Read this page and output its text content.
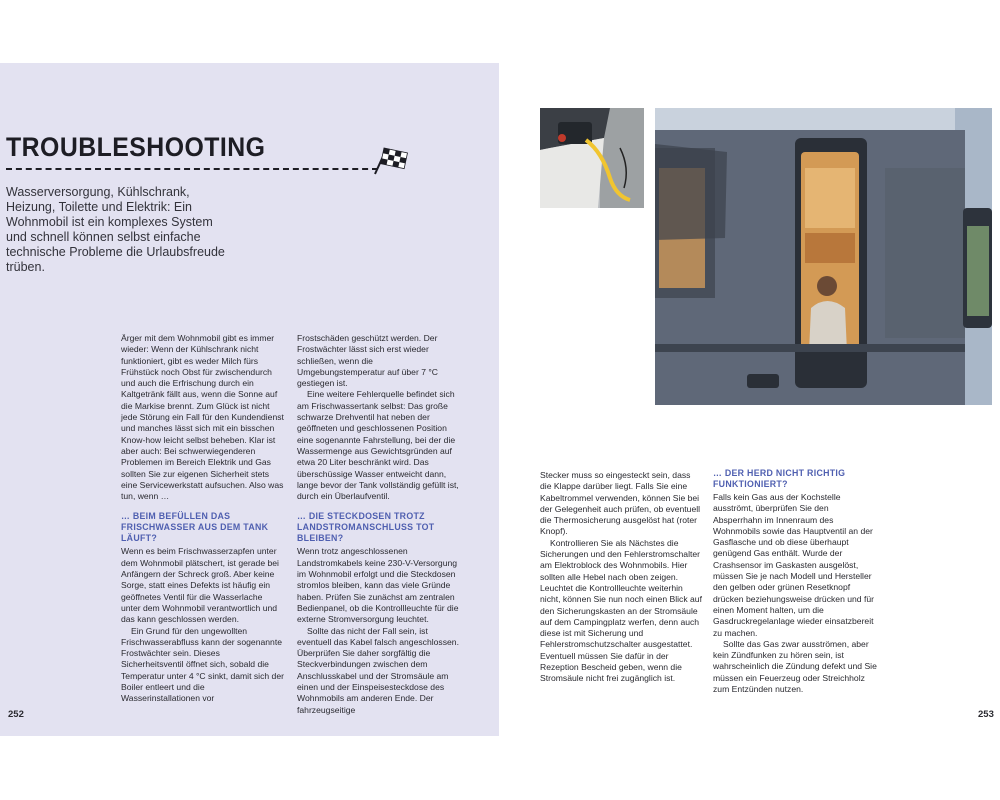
TROUBLESHOOTING

Wasserversorgung, Kühlschrank, Heizung, Toilette und Elektrik: Ein Wohnmobil ist ein komplexes System und schnell können selbst einfache technische Probleme die Urlaubsfreude trüben.

Ärger mit dem Wohnmobil gibt es immer wieder: Wenn der Kühlschrank nicht funktioniert, gibt es weder Milch fürs Frühstück noch Obst für zwischendurch und auch die Erfrischung durch ein Kaltgetränk fällt aus, wenn die Sonne auf die Markise brennt. Zum Glück ist nicht jede Störung ein Fall für den Kundendienst und manches lässt sich mit ein bisschen Know-how leicht selbst beheben. Klar ist aber auch: Bei schwerwiegenderen Problemen im Bereich Elektrik und Gas sollten Sie zur eigenen Sicherheit stets eine Servicewerkstatt aufsuchen. Also was tun, wenn …

… BEIM BEFÜLLEN DAS FRISCHWASSER AUS DEM TANK LÄUFT?

Wenn es beim Frischwasserzapfen unter dem Wohnmobil plätschert, ist gerade bei Anfängern der Schreck groß. Aber keine Sorge, statt eines Defekts ist häufig ein geöffnetes Ventil für die Wasserlache unter dem Wohnmobil verantwortlich und das kann geschlossen werden.

Ein Grund für den ungewollten Frischwasserabfluss kann der sogenannte Frostwächter sein. Dieses Sicherheitsventil öffnet sich, sobald die Temperatur unter 4 °C sinkt, damit sich der Boiler entleert und die Wasserinstallationen vor

Frostschäden geschützt werden. Der Frostwächter lässt sich erst wieder schließen, wenn die Umgebungstemperatur auf über 7 °C gestiegen ist.

Eine weitere Fehlerquelle befindet sich am Frischwassertank selbst: Das große schwarze Drehventil hat neben der geöffneten und geschlossenen Position eine sogenannte Fahrstellung, bei der die Wassermenge aus Gewichtsgründen auf etwa 20 Liter beschränkt wird. Das überschüssige Wasser entweicht dann, lange bevor der Tank vollständig gefüllt ist, durch ein Überlaufventil.

… DIE STECKDOSEN TROTZ LANDSTROMANSCHLUSS TOT BLEIBEN?

Wenn trotz angeschlossenen Landstromkabels keine 230-V-Versorgung im Wohnmobil erfolgt und die Steckdosen stromlos bleiben, kann das viele Gründe haben. Prüfen Sie zunächst am zentralen Bedienpanel, ob die Kontrollleuchte für die externe Stromversorgung leuchtet.

Sollte das nicht der Fall sein, ist eventuell das Kabel falsch angeschlossen. Überprüfen Sie daher sorgfältig die Steckverbindungen zwischen dem Anschlusskabel und der Stromsäule am einen und der Einspeisesteckdose des Wohnmobils am anderen Ende. Der fahrzeugseitige

Stecker muss so eingesteckt sein, dass die Klappe darüber liegt. Falls Sie eine Kabeltrommel verwenden, können Sie bei der Gelegenheit auch prüfen, ob eventuell die Thermosicherung ausgelöst hat (roter Knopf).

Kontrollieren Sie als Nächstes die Sicherungen und den Fehlerstromschalter am Elektroblock des Wohnmobils. Hier sollten alle Hebel nach oben zeigen. Leuchtet die Kontrollleuchte weiterhin nicht, können Sie nun noch einen Blick auf den Sicherungskasten an der Stromsäule auf dem Campingplatz werfen, denn auch diese ist mit Sicherung und Fehlerstromschutzschalter ausgestattet. Eventuell müssen Sie dafür in der Rezeption Bescheid geben, wenn die Stromsäule nicht frei zugänglich ist.

… DER HERD NICHT RICHTIG FUNKTIONIERT?

Falls kein Gas aus der Kochstelle ausströmt, überprüfen Sie den Absperrhahn im Innenraum des Wohnmobils sowie das Hauptventil an der Gasflasche und ob diese überhaupt genügend Gas enthält. Wurde der Crashsensor im Gaskasten ausgelöst, müssen Sie je nach Modell und Hersteller den gelben oder grünen Resetknopf drücken beziehungsweise drücken und für einen Moment halten, um die Gasdruckregelanlage wieder einsatzbereit zu machen.

Sollte das Gas zwar ausströmen, aber kein Zündfunken zu hören sein, ist wahrscheinlich die Zündung defekt und Sie müssen ein Feuerzeug oder Streichholz zum Entzünden nutzen.

252	253
